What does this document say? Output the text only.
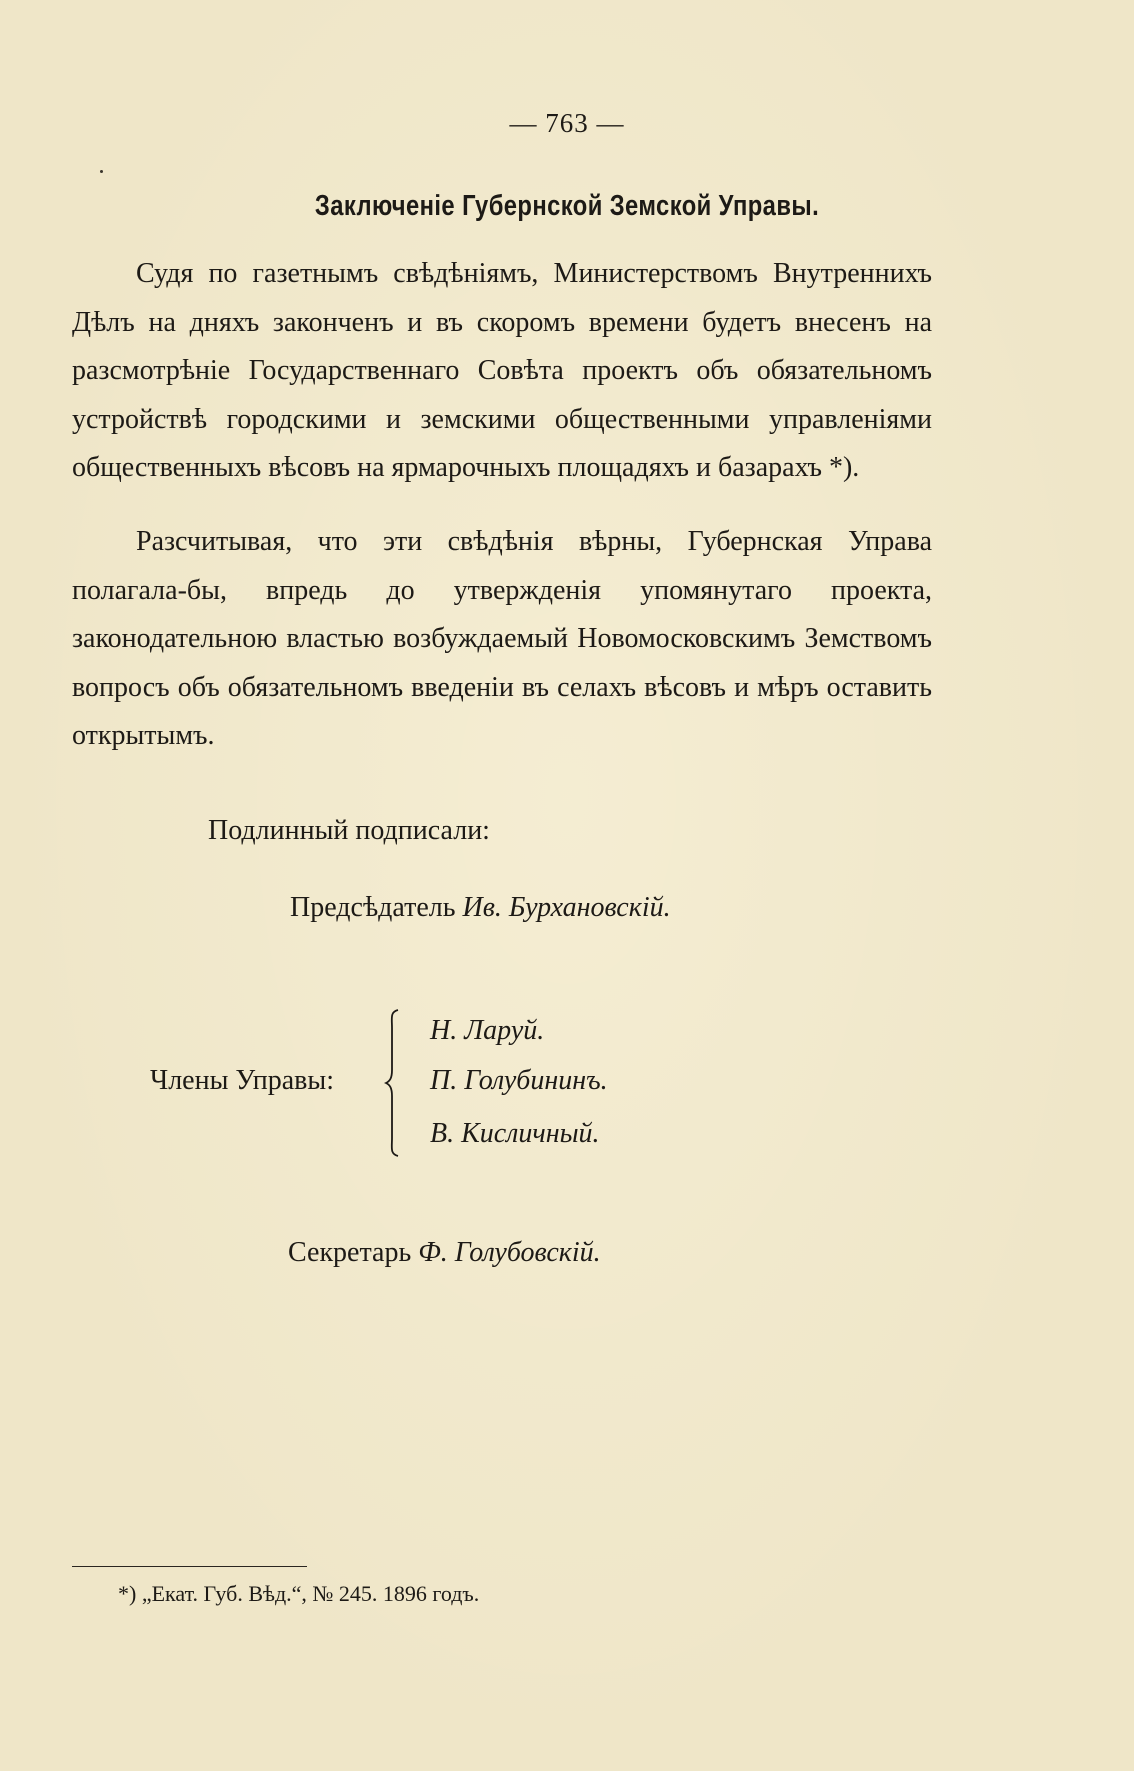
— 763 —
Заключеніе Губернской Земской Управы.

Судя по газетнымъ свѣдѣніямъ, Министерствомъ Внутреннихъ Дѣлъ на дняхъ законченъ и въ скоромъ времени будетъ внесенъ на разсмотрѣніе Государственнаго Совѣта проектъ объ обязательномъ устройствѣ городскими и земскими общественными управленіями общественныхъ вѣсовъ на ярмарочныхъ площадяхъ и базарахъ *).

Разсчитывая, что эти свѣдѣнія вѣрны, Губернская Управа полагала-бы, впредь до утвержденія упомянутаго проекта, законодательною властью возбуждаемый Новомосковскимъ Земствомъ вопросъ объ обязательномъ введеніи въ селахъ вѣсовъ и мѣръ оставить открытымъ.

Подлинный подписали:
Предсѣдатель Ив. Бурхановскій.
Члены Управы:
Н. Ларуй.
П. Голубининъ.
В. Кисличный.
Секретарь Ф. Голубовскій.
*) „Екат. Губ. Вѣд.“, № 245. 1896 годъ.
